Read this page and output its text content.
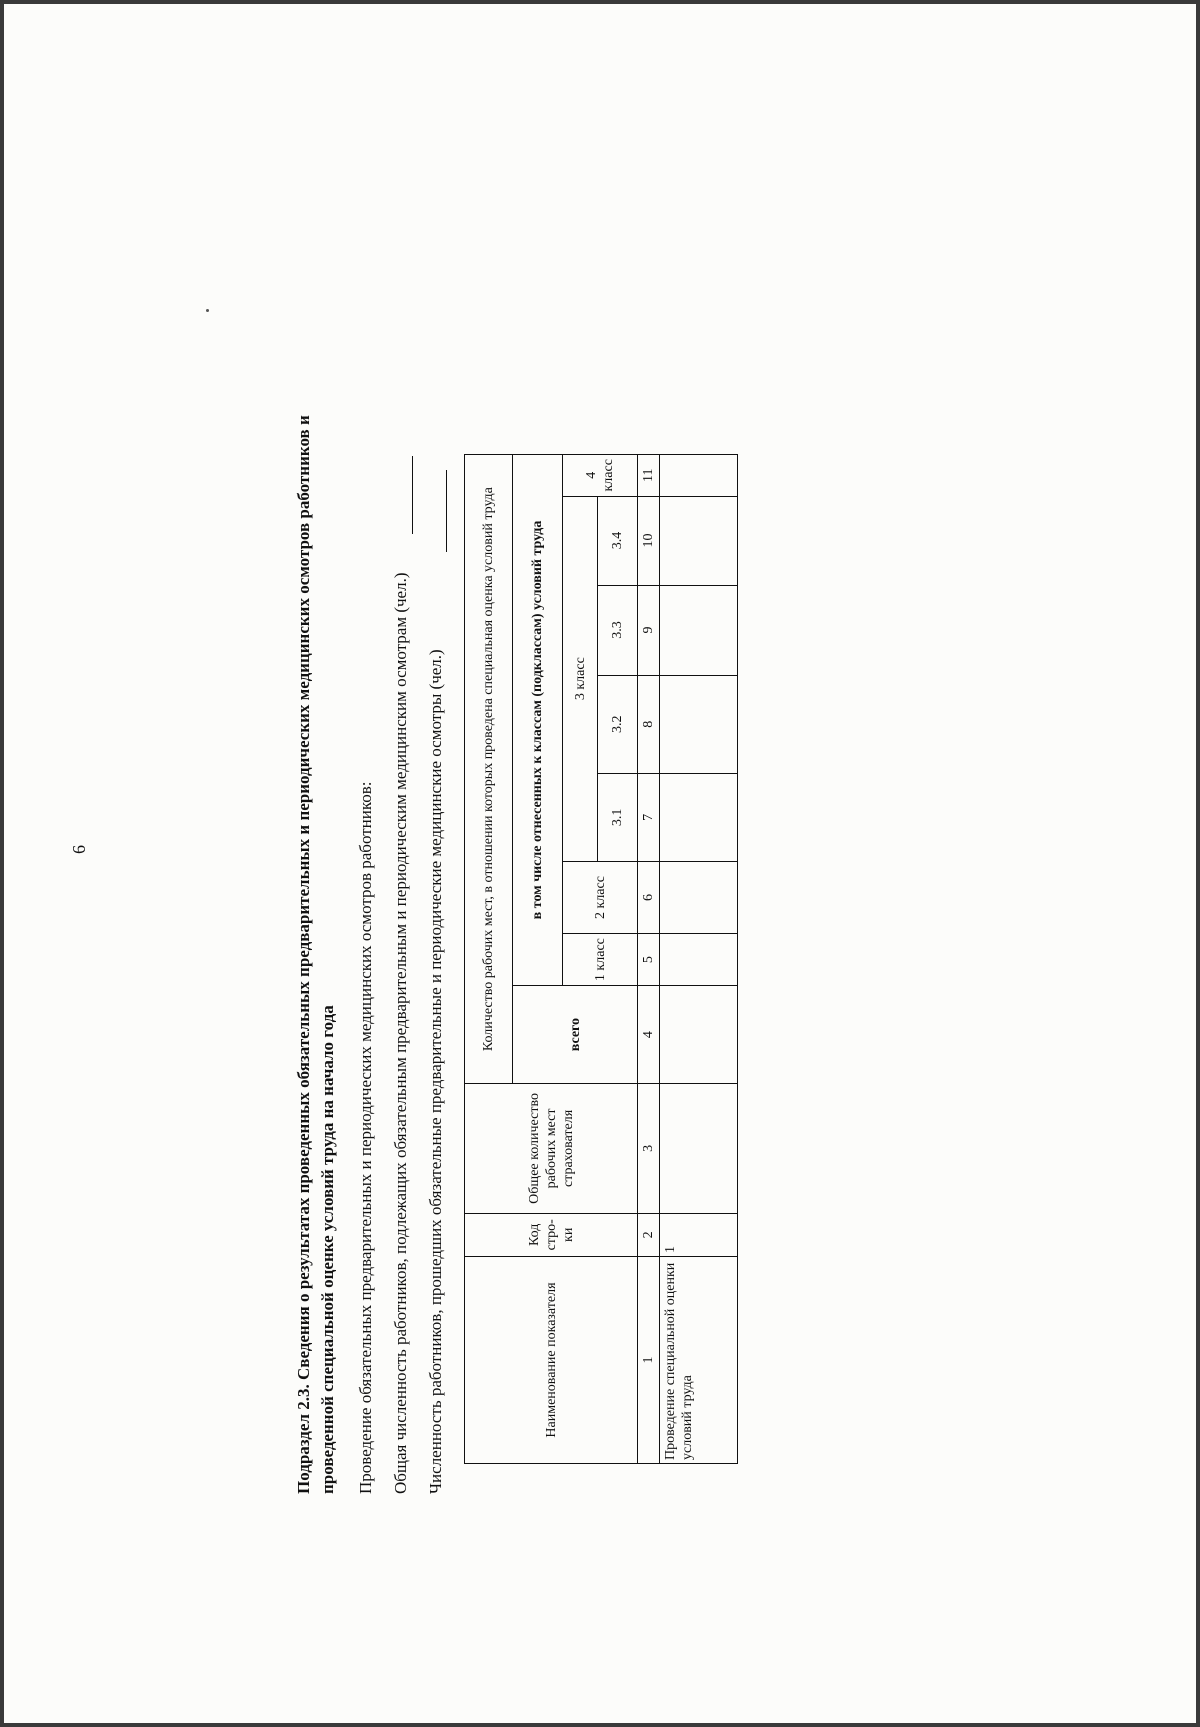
6	Подраздел 2.3. Сведения о результатах проведенных обязательных предварительных и периодических медицинских осмотров работников и проведенной специальной оценке условий труда на начало года Проведение обязательных предварительных и периодических медицинских осмотров работников: Общая численность работников, подлежащих обязательным предварительным и периодическим медицинским осмотрам (чел.) Численность работников, прошедших обязательные предварительные и периодические медицинские осмотры (чел.)	Наименование показателя	Код стро-ки	Общее количество рабочих мест страхователя	Количество рабочих мест, в отношении которых проведена специальная оценка условий труда							
			всего	в том числе отнесенных к классам (подклассам) условий труда						
				1 класс	2 класс	3 класс				4 класс
						3.1	3.2	3.3	3.4	
1	2	3	4	5	6	7	8	9	10	11
Проведение специальной оценки условий труда	1									
